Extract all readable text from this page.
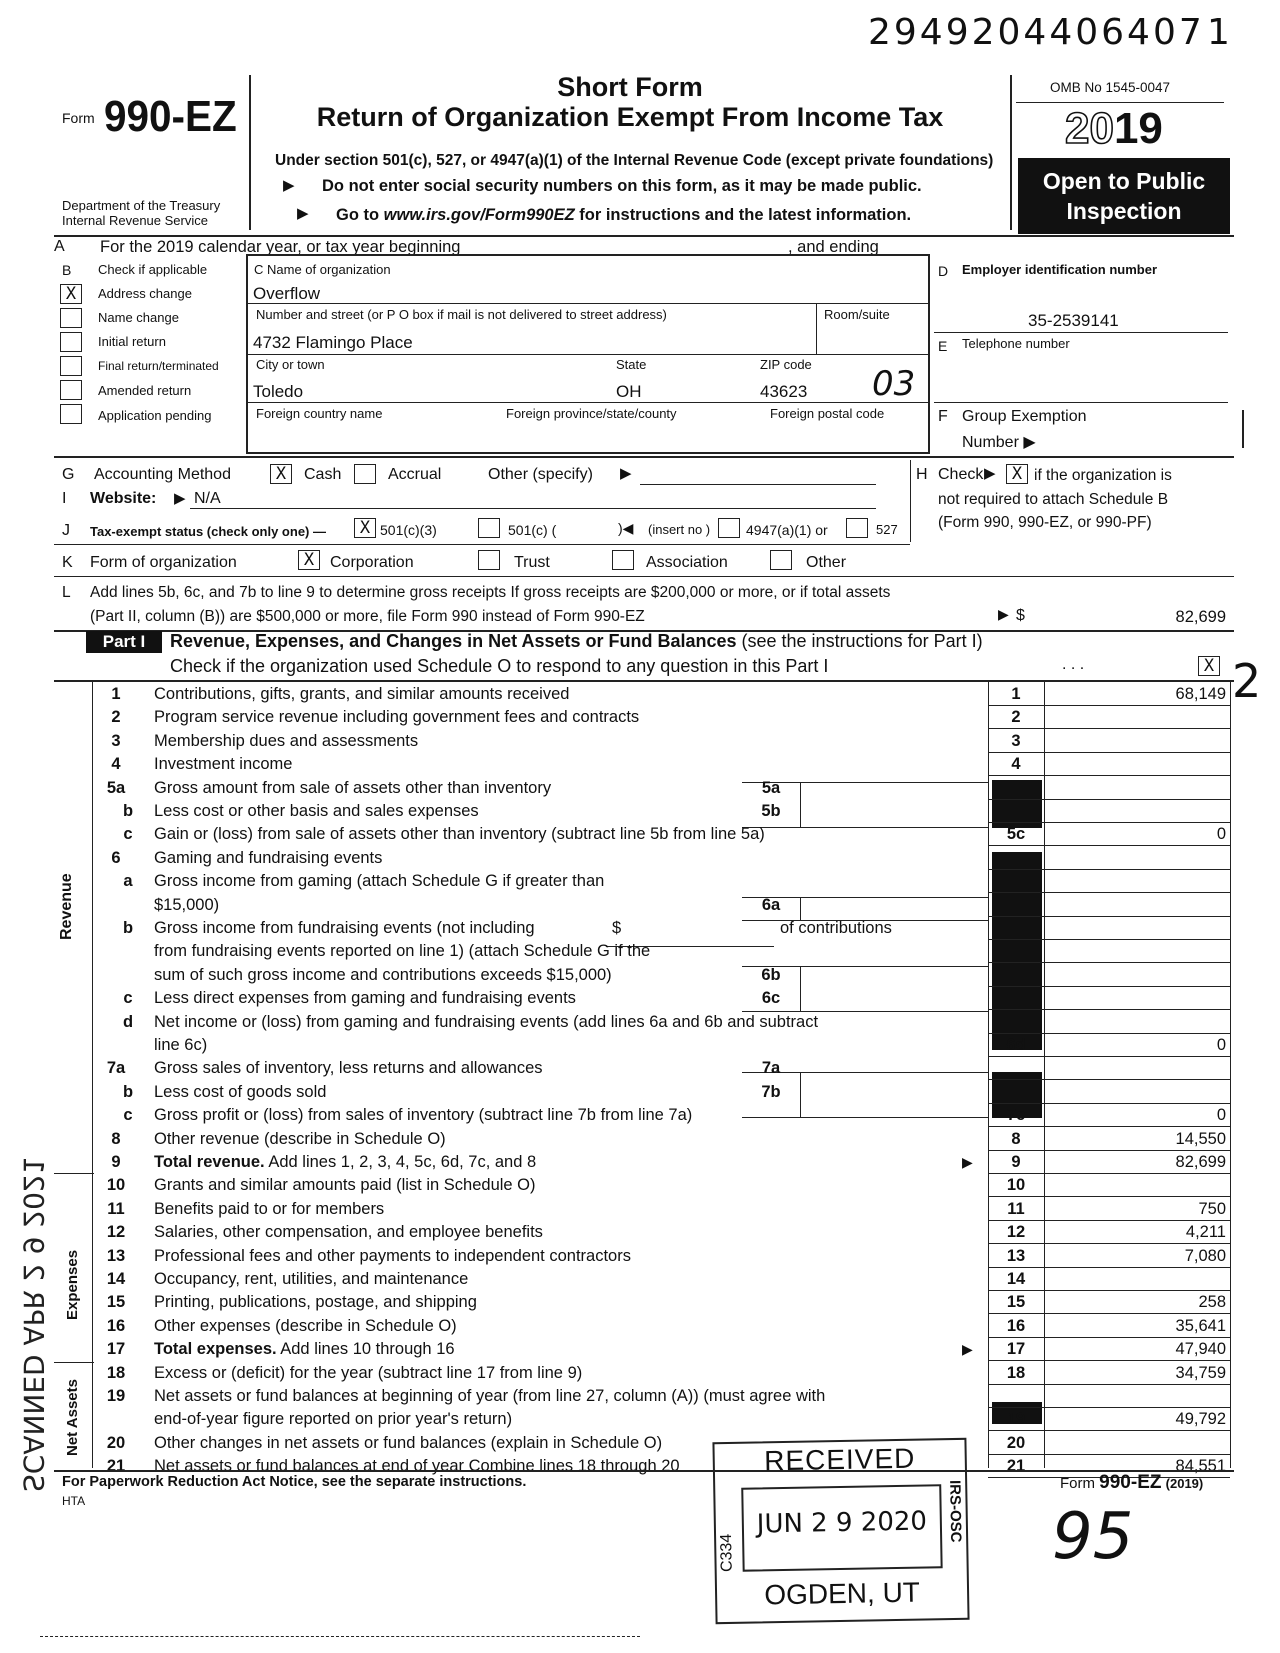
2949204406407 1
Form 990-EZ
Department of the Treasury
Internal Revenue Service
Short Form
Return of Organization Exempt From Income Tax
Under section 501(c), 527, or 4947(a)(1) of the Internal Revenue Code (except private foundations)
▶ Do not enter social security numbers on this form, as it may be made public.
▶ Go to www.irs.gov/Form990EZ for instructions and the latest information.
OMB No 1545-0047
2019
Open to Public
Inspection
A For the 2019 calendar year, or tax year beginning	, and ending
B Check if applicable
X	Address change
Name change
Initial return
Final return/terminated
Amended return
Application pending
C Name of organization
Overflow
Number and street (or P O box if mail is not delivered to street address)	Room/suite
4732 Flamingo Place
City or town	State	ZIP code
Toledo	OH	43623 03
Foreign country name	Foreign province/state/county	Foreign postal code
D Employer identification number
35-2539141
E Telephone number
F Group Exemption
Number ▶
G Accounting Method	X	Cash	Accrual	Other (specify) ▶	H Check ▶ X if the organization is
not required to attach Schedule B
(Form 990, 990-EZ, or 990-PF)
I Website: ▶ N/A
J Tax-exempt status (check only one) —	X 501(c)(3)	501(c) (	)◀ (insert no )	4947(a)(1) or	527
K Form of organization	X Corporation	Trust	Association	Other
L Add lines 5b, 6c, and 7b to line 9 to determine gross receipts If gross receipts are $200,000 or more, or if total assets
(Part II, column (B)) are $500,000 or more, file Form 990 instead of Form 990-EZ	▶ $	82,699
Part I	Revenue, Expenses, and Changes in Net Assets or Fund Balances (see the instructions for Part I)
Check if the organization used Schedule O to respond to any question in this Part I	. . .	X 2
Revenue
Expenses
Net Assets
SCANNED APR 2 9 2021
1	Contributions, gifts, grants, and similar amounts received	1	68,149
2	Program service revenue including government fees and contracts	2
3	Membership dues and assessments	3
4	Investment income	4
5a	Gross amount from sale of assets other than inventory	5a
b	Less cost or other basis and sales expenses	5b
c	Gain or (loss) from sale of assets other than inventory (subtract line 5b from line 5a)	5c	0
6	Gaming and fundraising events
a	Gross income from gaming (attach Schedule G if greater than
$15,000)	6a
b	Gross income from fundraising events (not including	$	of contributions
from fundraising events reported on line 1) (attach Schedule G if the
sum of such gross income and contributions exceeds $15,000)	6b
c	Less direct expenses from gaming and fundraising events	6c
d	Net income or (loss) from gaming and fundraising events (add lines 6a and 6b and subtract
line 6c)	6d	0
7a	Gross sales of inventory, less returns and allowances	7a
b	Less cost of goods sold	7b
c	Gross profit or (loss) from sales of inventory (subtract line 7b from line 7a)	7c	0
8	Other revenue (describe in Schedule O)	8	14,550
9	Total revenue. Add lines 1, 2, 3, 4, 5c, 6d, 7c, and 8	▶	9	82,699
10	Grants and similar amounts paid (list in Schedule O)	10
11	Benefits paid to or for members	11	750
12	Salaries, other compensation, and employee benefits	12	4,211
13	Professional fees and other payments to independent contractors	13	7,080
14	Occupancy, rent, utilities, and maintenance	14
15	Printing, publications, postage, and shipping	15	258
16	Other expenses (describe in Schedule O)	16	35,641
17	Total expenses. Add lines 10 through 16	▶	17	47,940
18	Excess or (deficit) for the year (subtract line 17 from line 9)	18	34,759
19	Net assets or fund balances at beginning of year (from line 27, column (A)) (must agree with
end-of-year figure reported on prior year's return)	19	49,792
20	Other changes in net assets or fund balances (explain in Schedule O)	20
21	Net assets or fund balances at end of year Combine lines 18 through 20	21	84,551
For Paperwork Reduction Act Notice, see the separate instructions.
HTA
Form 990-EZ (2019)
RECEIVED
JUN 2 9 2020
C334
IRS-OSC
OGDEN, UT
95
